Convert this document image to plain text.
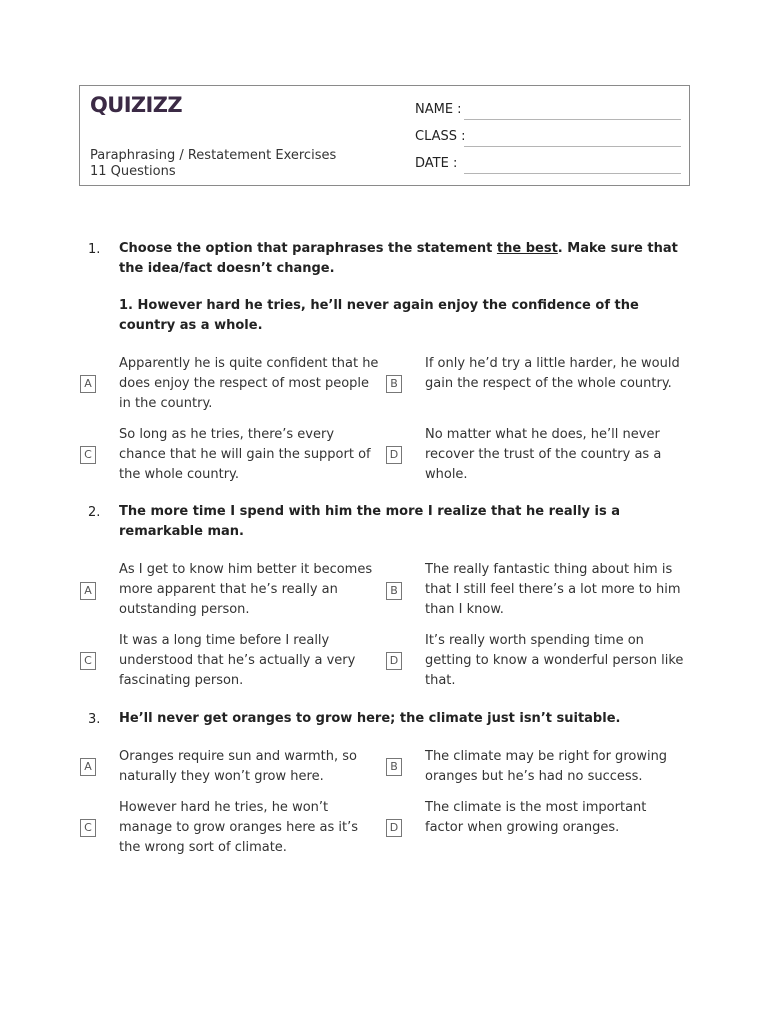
QUIZIZZ
Paraphrasing / Restatement Exercises
11 Questions
NAME :
CLASS :
DATE :
1. Choose the option that paraphrases the statement the best. Make sure that the idea/fact doesn’t change.
1. However hard he tries, he’ll never again enjoy the confidence of the country as a whole.
A
Apparently he is quite confident that he does enjoy the respect of most people in the country.
B
If only he’d try a little harder, he would gain the respect of the whole country.
C
So long as he tries, there’s every chance that he will gain the support of the whole country.
D
No matter what he does, he’ll never recover the trust of the country as a whole.
2. The more time I spend with him the more I realize that he really is a remarkable man.
A
As I get to know him better it becomes more apparent that he’s really an outstanding person.
B
The really fantastic thing about him is that I still feel there’s a lot more to him than I know.
C
It was a long time before I really understood that he’s actually a very fascinating person.
D
It’s really worth spending time on getting to know a wonderful person like that.
3. He’ll never get oranges to grow here; the climate just isn’t suitable.
A
Oranges require sun and warmth, so naturally they won’t grow here.
B
The climate may be right for growing oranges but he’s had no success.
C
However hard he tries, he won’t manage to grow oranges here as it’s the wrong sort of climate.
D
The climate is the most important factor when growing oranges.
